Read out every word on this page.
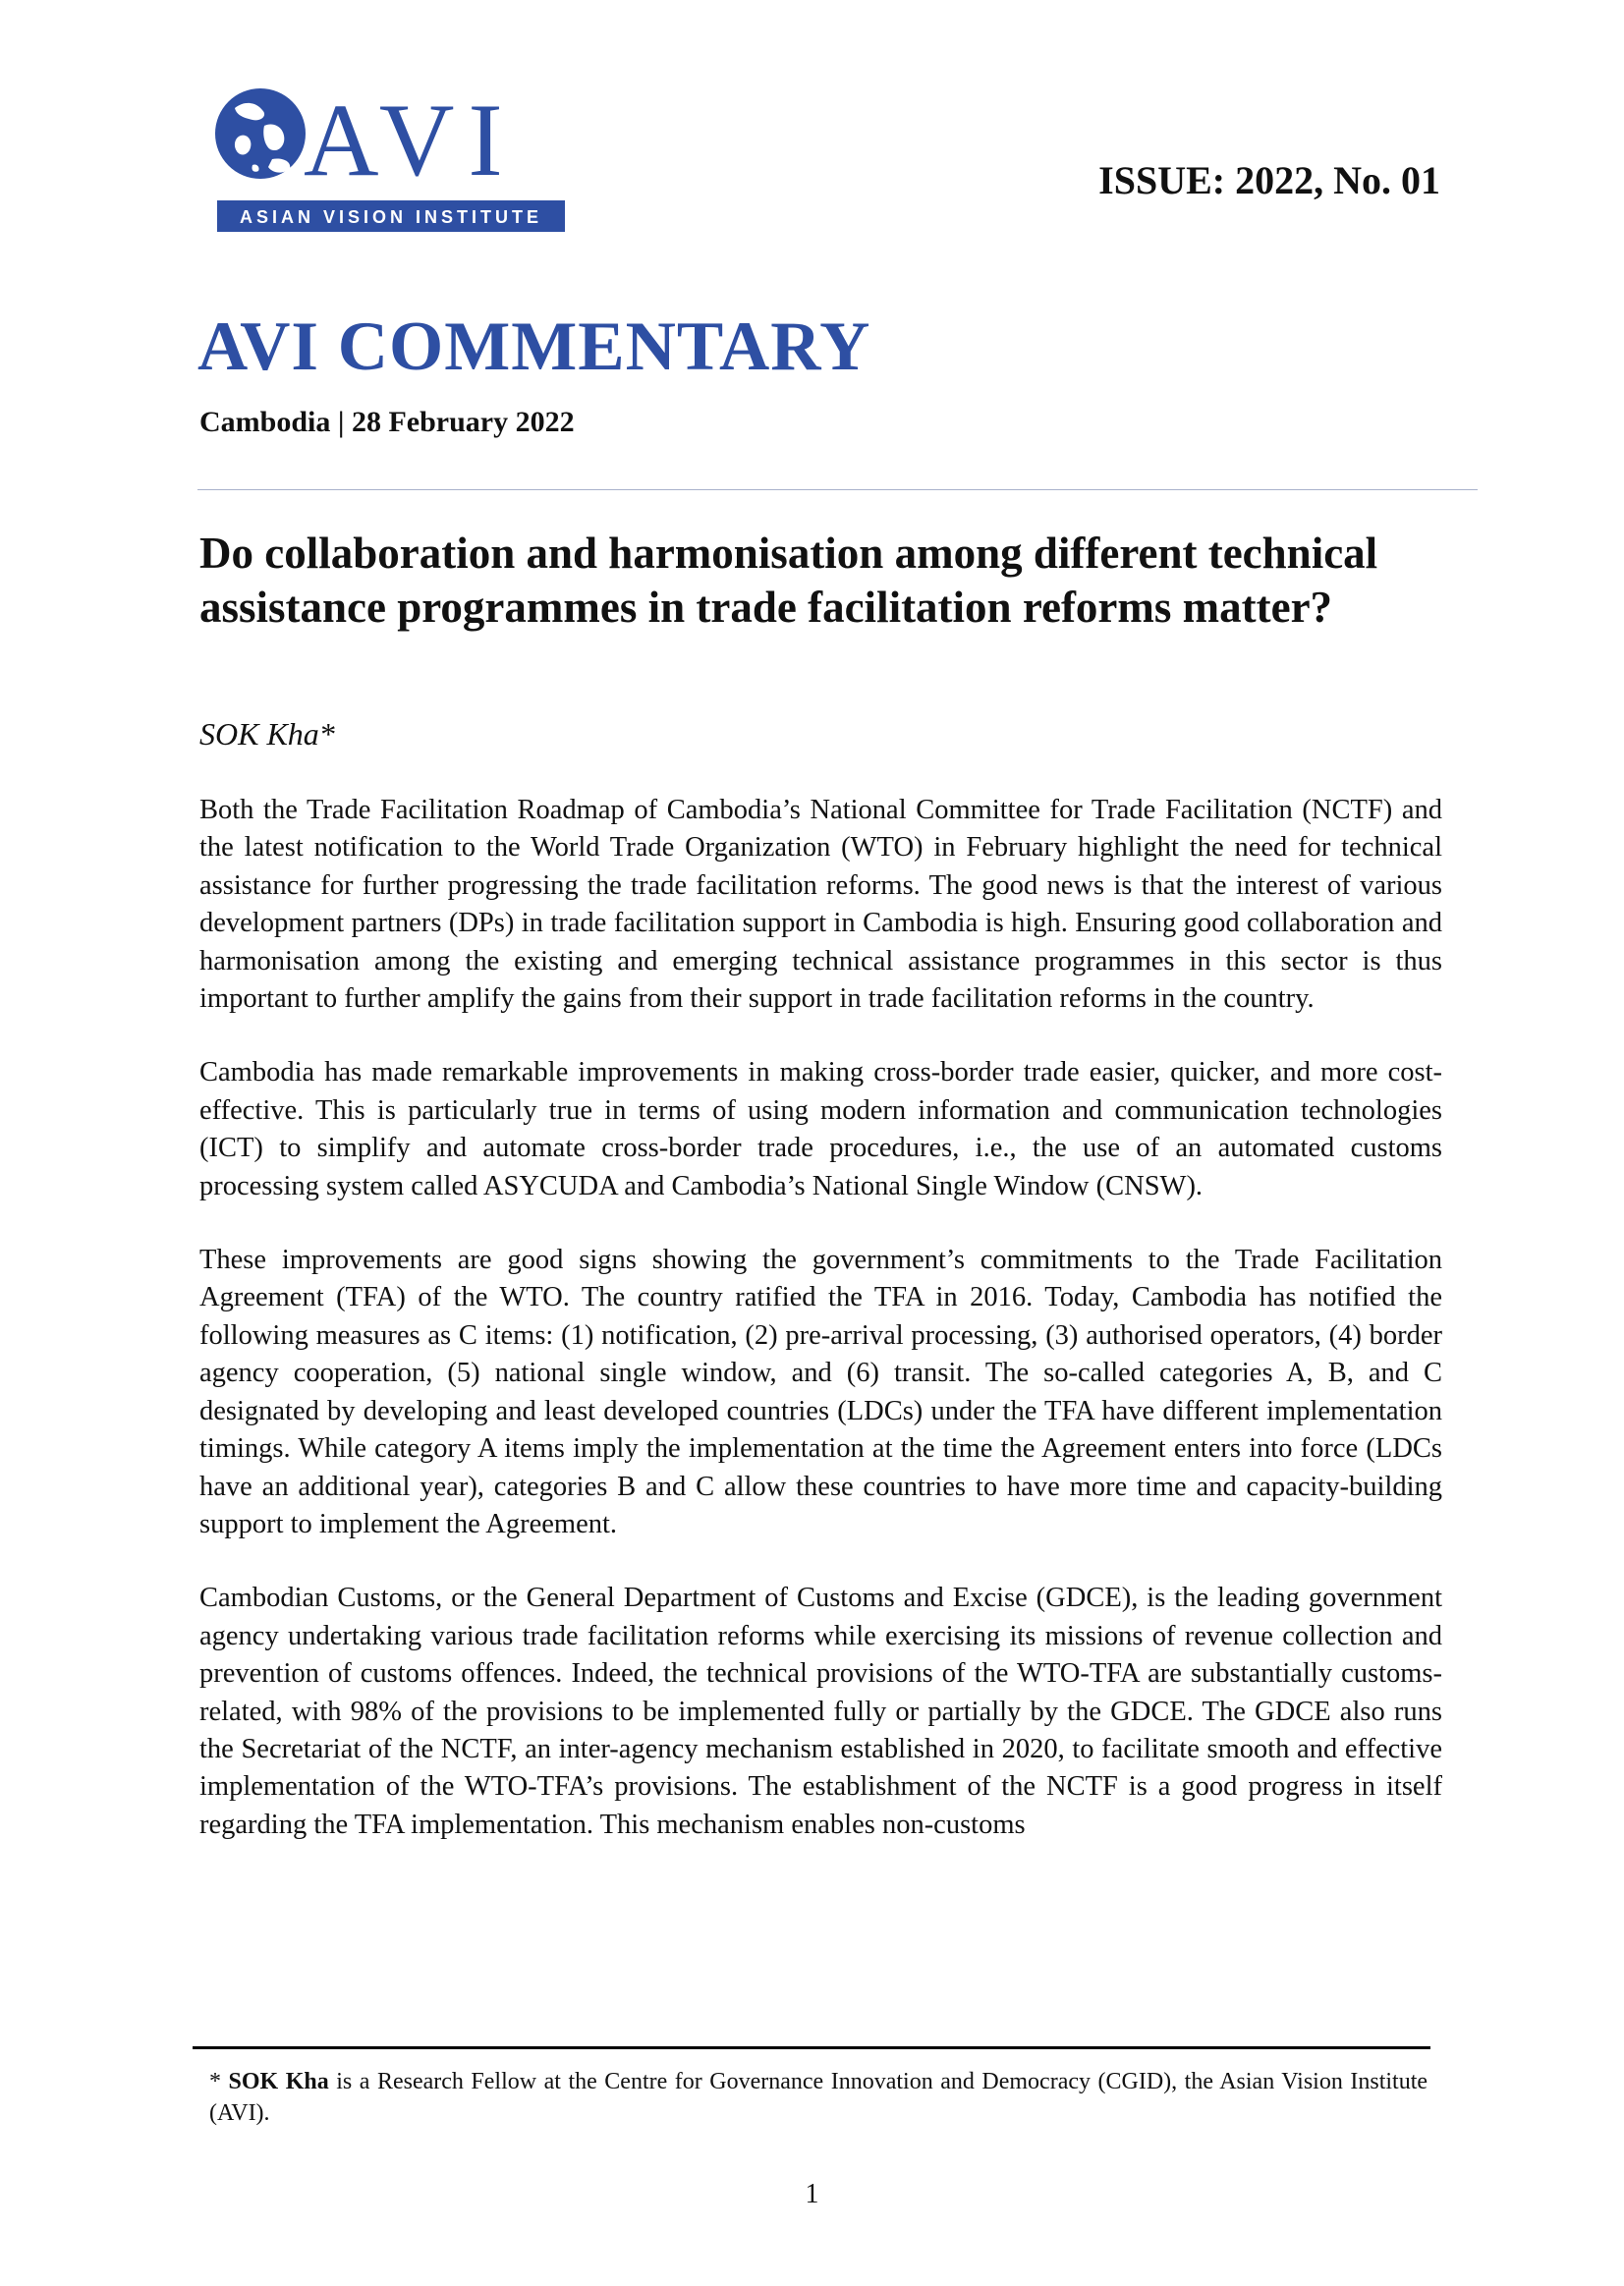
AVI
ASIAN VISION INSTITUTE
ISSUE: 2022, No. 01
AVI COMMENTARY
Cambodia | 28 February 2022
Do collaboration and harmonisation among different technical assistance programmes in trade facilitation reforms matter?
SOK Kha*

Both the Trade Facilitation Roadmap of Cambodia’s National Committee for Trade Facilitation (NCTF) and the latest notification to the World Trade Organization (WTO) in February highlight the need for technical assistance for further progressing the trade facilitation reforms. The good news is that the interest of various development partners (DPs) in trade facilitation support in Cambodia is high. Ensuring good collaboration and harmonisation among the existing and emerging technical assistance programmes in this sector is thus important to further amplify the gains from their support in trade facilitation reforms in the country.

Cambodia has made remarkable improvements in making cross-border trade easier, quicker, and more cost-effective. This is particularly true in terms of using modern information and communication technologies (ICT) to simplify and automate cross-border trade procedures, i.e., the use of an automated customs processing system called ASYCUDA and Cambodia’s National Single Window (CNSW).

These improvements are good signs showing the government’s commitments to the Trade Facilitation Agreement (TFA) of the WTO. The country ratified the TFA in 2016. Today, Cambodia has notified the following measures as C items: (1) notification, (2) pre-arrival processing, (3) authorised operators, (4) border agency cooperation, (5) national single window, and (6) transit. The so-called categories A, B, and C designated by developing and least developed countries (LDCs) under the TFA have different implementation timings. While category A items imply the implementation at the time the Agreement enters into force (LDCs have an additional year), categories B and C allow these countries to have more time and capacity-building support to implement the Agreement.

Cambodian Customs, or the General Department of Customs and Excise (GDCE), is the leading government agency undertaking various trade facilitation reforms while exercising its missions of revenue collection and prevention of customs offences. Indeed, the technical provisions of the WTO-TFA are substantially customs-related, with 98% of the provisions to be implemented fully or partially by the GDCE. The GDCE also runs the Secretariat of the NCTF, an inter-agency mechanism established in 2020, to facilitate smooth and effective implementation of the WTO-TFA’s provisions. The establishment of the NCTF is a good progress in itself regarding the TFA implementation. This mechanism enables non-customs

* SOK Kha is a Research Fellow at the Centre for Governance Innovation and Democracy (CGID), the Asian Vision Institute (AVI).

1
